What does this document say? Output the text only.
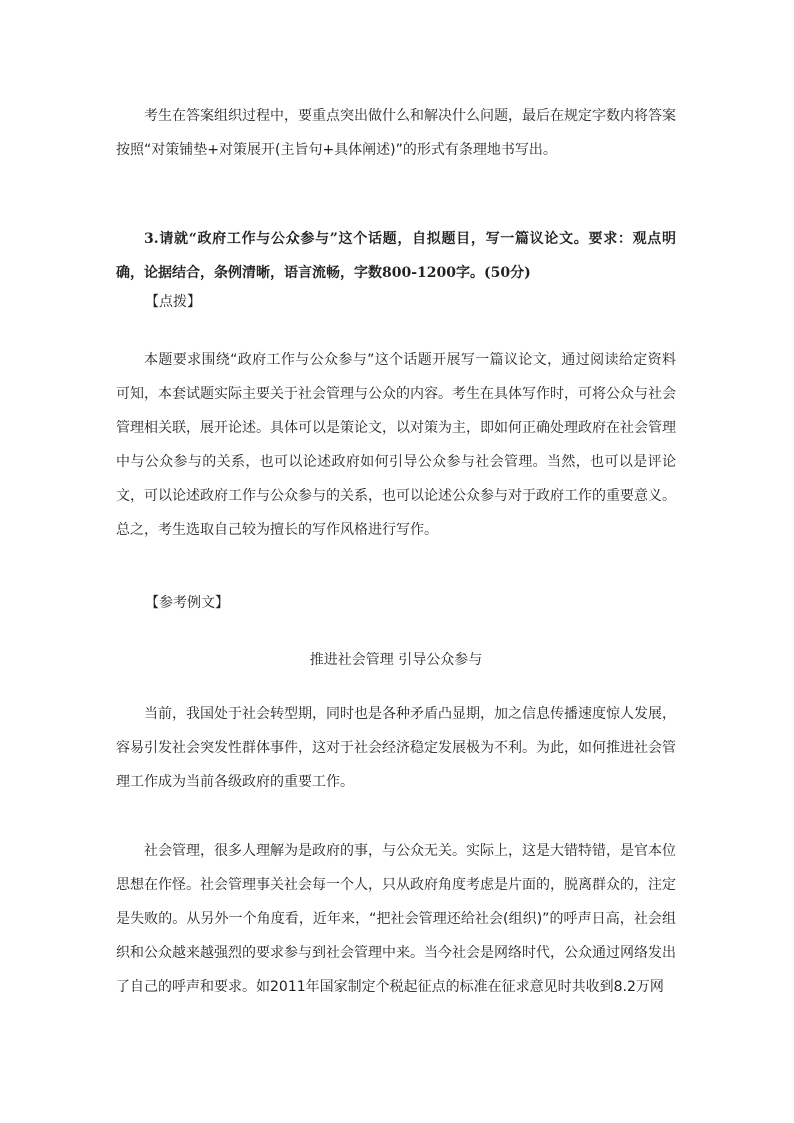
考生在答案组织过程中，要重点突出做什么和解决什么问题，最后在规定字数内将答案按照“对策铺垫+对策展开(主旨句+具体阐述)”的形式有条理地书写出。

3.请就“政府工作与公众参与”这个话题，自拟题目，写一篇议论文。要求：观点明确，论据结合，条例清晰，语言流畅，字数800-1200字。(50分)

【点拨】

本题要求围绕“政府工作与公众参与”这个话题开展写一篇议论文，通过阅读给定资料可知，本套试题实际主要关于社会管理与公众的内容。考生在具体写作时，可将公众与社会管理相关联，展开论述。具体可以是策论文，以对策为主，即如何正确处理政府在社会管理中与公众参与的关系，也可以论述政府如何引导公众参与社会管理。当然，也可以是评论文，可以论述政府工作与公众参与的关系，也可以论述公众参与对于政府工作的重要意义。总之，考生选取自己较为擅长的写作风格进行写作。

【参考例文】

推进社会管理 引导公众参与

当前，我国处于社会转型期，同时也是各种矛盾凸显期，加之信息传播速度惊人发展，容易引发社会突发性群体事件，这对于社会经济稳定发展极为不利。为此，如何推进社会管理工作成为当前各级政府的重要工作。

社会管理，很多人理解为是政府的事，与公众无关。实际上，这是大错特错，是官本位思想在作怪。社会管理事关社会每一个人，只从政府角度考虑是片面的，脱离群众的，注定是失败的。从另外一个角度看，近年来，“把社会管理还给社会(组织)”的呼声日高，社会组织和公众越来越强烈的要求参与到社会管理中来。当今社会是网络时代，公众通过网络发出了自己的呼声和要求。如2011年国家制定个税起征点的标准在征求意见时共收到8.2万网
